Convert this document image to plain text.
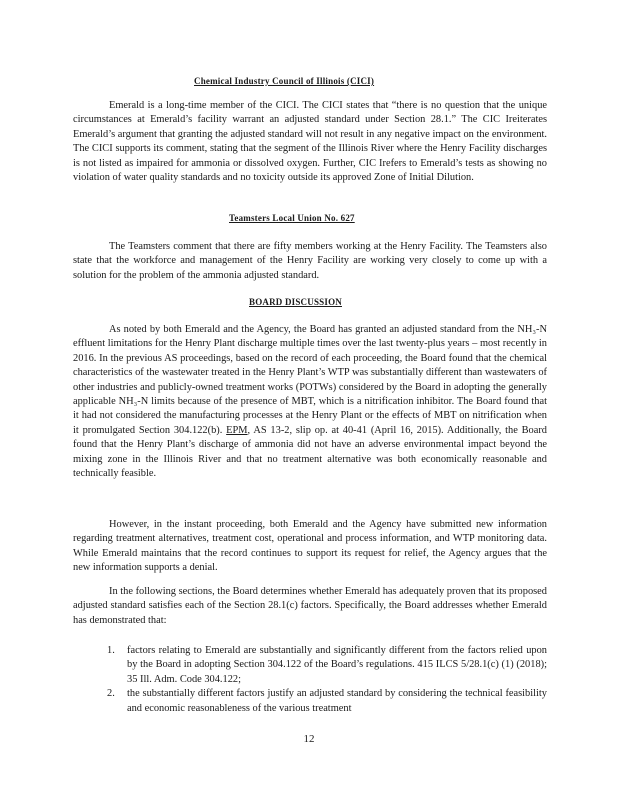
Chemical Industry Council of Illinois (CICI)

Emerald is a long-time member of the CICI. The CICI states that “there is no question that the unique circumstances at Emerald’s facility warrant an adjusted standard under Section 28.1.” The CIC Ireiterates Emerald’s argument that granting the adjusted standard will not result in any negative impact on the environment. The CICI supports its comment, stating that the segment of the Illinois River where the Henry Facility discharges is not listed as impaired for ammonia or dissolved oxygen. Further, CIC Irefers to Emerald’s tests as showing no violation of water quality standards and no toxicity outside its approved Zone of Initial Dilution.

Teamsters Local Union No. 627

The Teamsters comment that there are fifty members working at the Henry Facility. The Teamsters also state that the workforce and management of the Henry Facility are working very closely to come up with a solution for the problem of the ammonia adjusted standard.

BOARD DISCUSSION

As noted by both Emerald and the Agency, the Board has granted an adjusted standard from the NH₃-N effluent limitations for the Henry Plant discharge multiple times over the last twenty-plus years – most recently in 2016. In the previous AS proceedings, based on the record of each proceeding, the Board found that the chemical characteristics of the wastewater treated in the Henry Plant’s WTP was substantially different than wastewaters of other industries and publicly-owned treatment works (POTWs) considered by the Board in adopting the generally applicable NH₃-N limits because of the presence of MBT, which is a nitrification inhibitor. The Board found that it had not considered the manufacturing processes at the Henry Plant or the effects of MBT on nitrification when it promulgated Section 304.122(b). EPM, AS 13-2, slip op. at 40-41 (April 16, 2015). Additionally, the Board found that the Henry Plant’s discharge of ammonia did not have an adverse environmental impact beyond the mixing zone in the Illinois River and that no treatment alternative was both economically reasonable and technically feasible.

However, in the instant proceeding, both Emerald and the Agency have submitted new information regarding treatment alternatives, treatment cost, operational and process information, and WTP monitoring data. While Emerald maintains that the record continues to support its request for relief, the Agency argues that the new information supports a denial.

In the following sections, the Board determines whether Emerald has adequately proven that its proposed adjusted standard satisfies each of the Section 28.1(c) factors. Specifically, the Board addresses whether Emerald has demonstrated that:

1. factors relating to Emerald are substantially and significantly different from the factors relied upon by the Board in adopting Section 304.122 of the Board’s regulations. 415 ILCS 5/28.1(c) (1) (2018); 35 Ill. Adm. Code 304.122;
2. the substantially different factors justify an adjusted standard by considering the technical feasibility and economic reasonableness of the various treatment
12
